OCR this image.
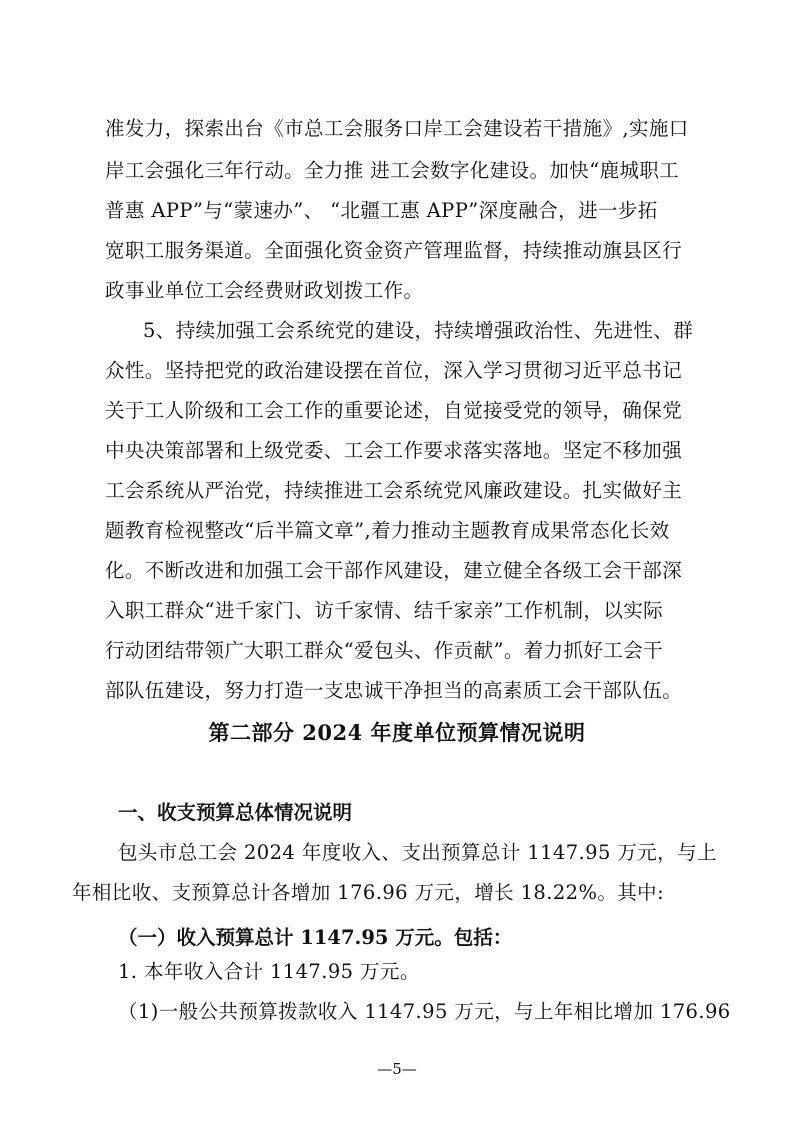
准发力，探索出台《市总工会服务口岸工会建设若干措施》,实施口
岸工会强化三年行动。全力推 进工会数字化建设。加快“鹿城职工
普惠 APP”与“蒙速办”、 “北疆工惠 APP”深度融合，进一步拓
宽职工服务渠道。全面强化资金资产管理监督，持续推动旗县区行
政事业单位工会经费财政划拨工作。
5、持续加强工会系统党的建设，持续增强政治性、先进性、群
众性。坚持把党的政治建设摆在首位，深入学习贯彻习近平总书记
关于工人阶级和工会工作的重要论述，自觉接受党的领导，确保党
中央决策部署和上级党委、工会工作要求落实落地。坚定不移加强
工会系统从严治党，持续推进工会系统党风廉政建设。扎实做好主
题教育检视整改“后半篇文章”,着力推动主题教育成果常态化长效
化。不断改进和加强工会干部作风建设，建立健全各级工会干部深
入职工群众“进千家门、访千家情、结千家亲”工作机制，以实际
行动团结带领广大职工群众“爱包头、作贡献”。着力抓好工会干
部队伍建设，努力打造一支忠诚干净担当的高素质工会干部队伍。
第二部分 2024 年度单位预算情况说明
一、收支预算总体情况说明
包头市总工会 2024 年度收入、支出预算总计 1147.95 万元，与上
年相比收、支预算总计各增加 176.96 万元，增长 18.22%。其中:
（一）收入预算总计 1147.95 万元。包括：
1. 本年收入合计 1147.95 万元。
（1)一般公共预算拨款收入 1147.95 万元，与上年相比增加 176.96
—5—
